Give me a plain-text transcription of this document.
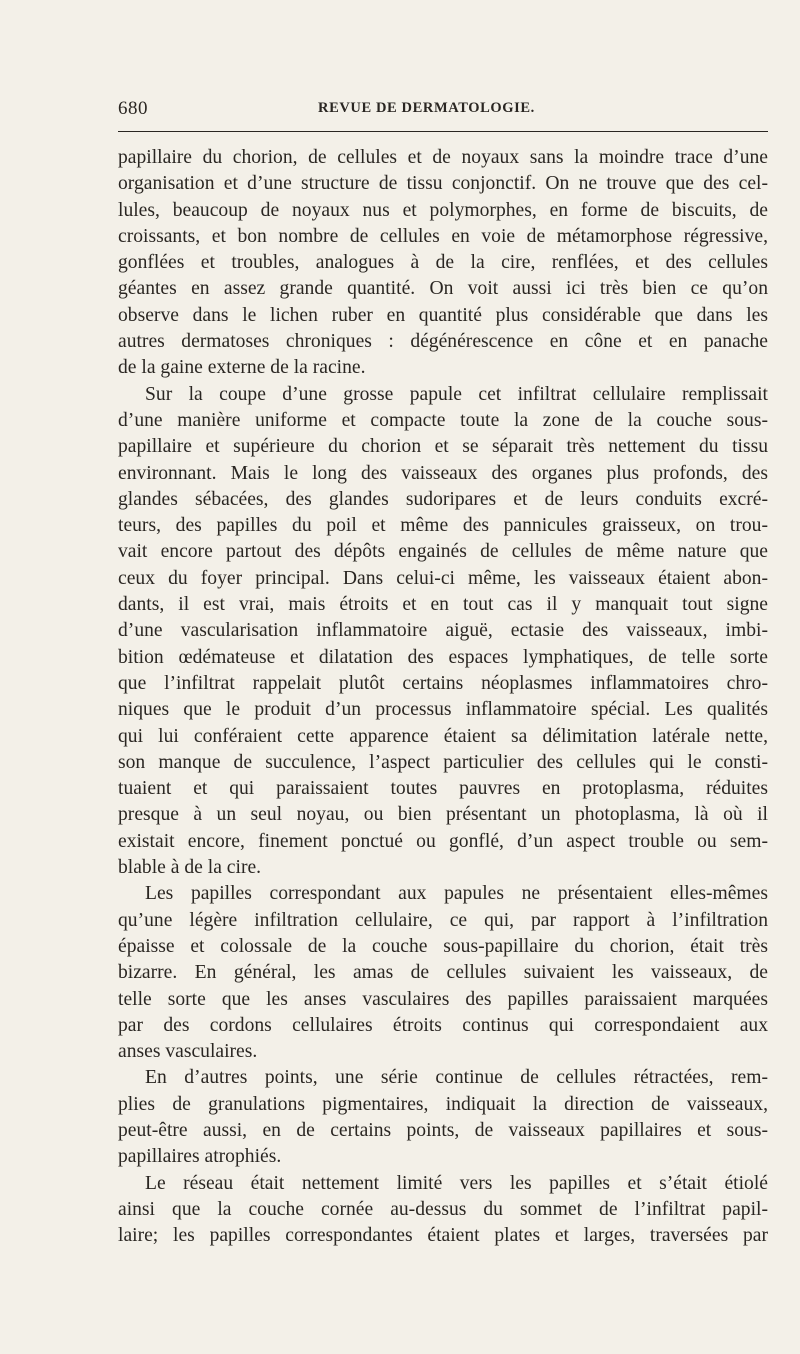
680	REVUE DE DERMATOLOGIE.
papillaire du chorion, de cellules et de noyaux sans la moindre trace d’une
organisation et d’une structure de tissu conjonctif. On ne trouve que des cel-
lules, beaucoup de noyaux nus et polymorphes, en forme de biscuits, de
croissants, et bon nombre de cellules en voie de métamorphose régressive,
gonflées et troubles, analogues à de la cire, renflées, et des cellules
géantes en assez grande quantité. On voit aussi ici très bien ce qu’on
observe dans le lichen ruber en quantité plus considérable que dans les
autres dermatoses chroniques : dégénérescence en cône et en panache
de la gaine externe de la racine.
Sur la coupe d’une grosse papule cet infiltrat cellulaire remplissait
d’une manière uniforme et compacte toute la zone de la couche sous-
papillaire et supérieure du chorion et se séparait très nettement du tissu
environnant. Mais le long des vaisseaux des organes plus profonds, des
glandes sébacées, des glandes sudoripares et de leurs conduits excré-
teurs, des papilles du poil et même des pannicules graisseux, on trou-
vait encore partout des dépôts engainés de cellules de même nature que
ceux du foyer principal. Dans celui-ci même, les vaisseaux étaient abon-
dants, il est vrai, mais étroits et en tout cas il y manquait tout signe
d’une vascularisation inflammatoire aiguë, ectasie des vaisseaux, imbi-
bition œdémateuse et dilatation des espaces lymphatiques, de telle sorte
que l’infiltrat rappelait plutôt certains néoplasmes inflammatoires chro-
niques que le produit d’un processus inflammatoire spécial. Les qualités
qui lui conféraient cette apparence étaient sa délimitation latérale nette,
son manque de succulence, l’aspect particulier des cellules qui le consti-
tuaient et qui paraissaient toutes pauvres en protoplasma, réduites
presque à un seul noyau, ou bien présentant un photoplasma, là où il
existait encore, finement ponctué ou gonflé, d’un aspect trouble ou sem-
blable à de la cire.
Les papilles correspondant aux papules ne présentaient elles-mêmes
qu’une légère infiltration cellulaire, ce qui, par rapport à l’infiltration
épaisse et colossale de la couche sous-papillaire du chorion, était très
bizarre. En général, les amas de cellules suivaient les vaisseaux, de
telle sorte que les anses vasculaires des papilles paraissaient marquées
par des cordons cellulaires étroits continus qui correspondaient aux
anses vasculaires.
En d’autres points, une série continue de cellules rétractées, rem-
plies de granulations pigmentaires, indiquait la direction de vaisseaux,
peut-être aussi, en de certains points, de vaisseaux papillaires et sous-
papillaires atrophiés.
Le réseau était nettement limité vers les papilles et s’était étiolé
ainsi que la couche cornée au-dessus du sommet de l’infiltrat papil-
laire; les papilles correspondantes étaient plates et larges, traversées par
